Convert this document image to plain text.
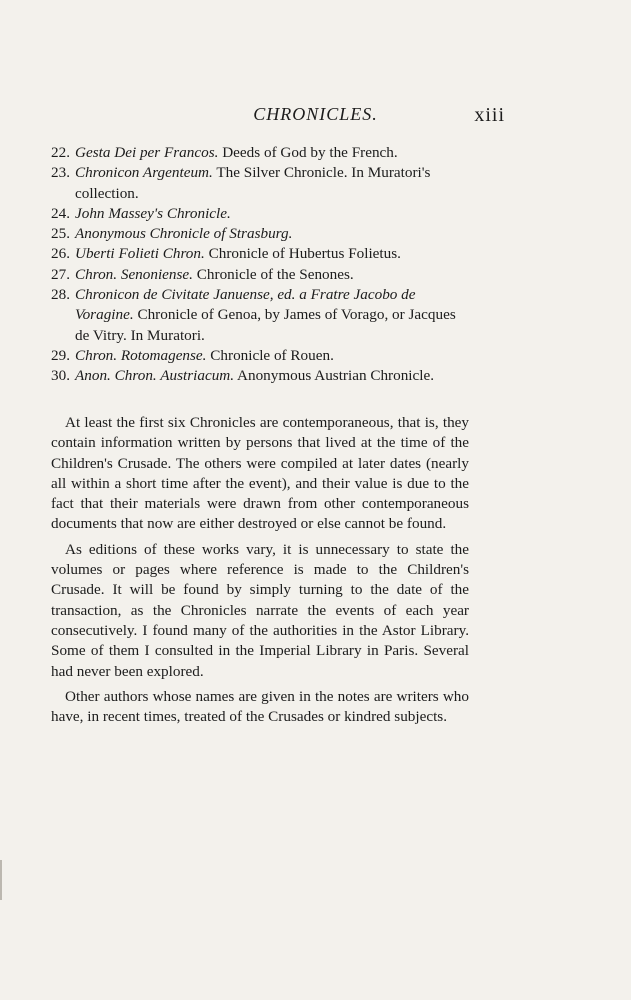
CHRONICLES.	xiii
22. Gesta Dei per Francos. Deeds of God by the French.
23. Chronicon Argenteum. The Silver Chronicle. In Muratori's collection.
24. John Massey's Chronicle.
25. Anonymous Chronicle of Strasburg.
26. Uberti Folieti Chron. Chronicle of Hubertus Folietus.
27. Chron. Senoniense. Chronicle of the Senones.
28. Chronicon de Civitate Januense, ed. a Fratre Jacobo de Voragine. Chronicle of Genoa, by James of Vorago, or Jacques de Vitry. In Muratori.
29. Chron. Rotomagense. Chronicle of Rouen.
30. Anon. Chron. Austriacum. Anonymous Austrian Chronicle.

At least the first six Chronicles are contemporaneous, that is, they contain information written by persons that lived at the time of the Children's Crusade. The others were compiled at later dates (nearly all within a short time after the event), and their value is due to the fact that their materials were drawn from other contemporaneous documents that now are either destroyed or else cannot be found.

As editions of these works vary, it is unnecessary to state the volumes or pages where reference is made to the Children's Crusade. It will be found by simply turning to the date of the transaction, as the Chronicles narrate the events of each year consecutively. I found many of the authorities in the Astor Library. Some of them I consulted in the Imperial Library in Paris. Several had never been explored.

Other authors whose names are given in the notes are writers who have, in recent times, treated of the Crusades or kindred subjects.
